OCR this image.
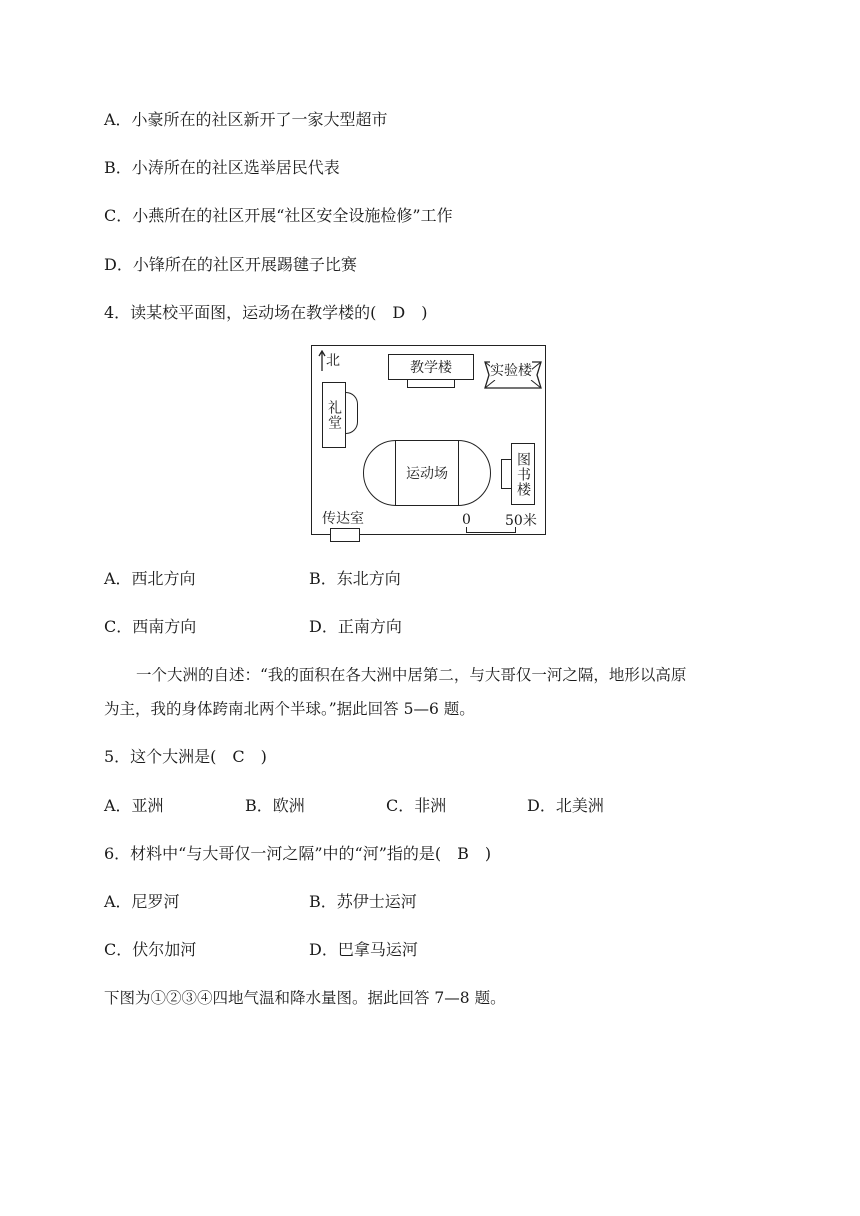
A．小豪所在的社区新开了一家大型超市
B．小涛所在的社区选举居民代表
C．小燕所在的社区开展“社区安全设施检修”工作
D．小锋所在的社区开展踢毽子比赛
4．读某校平面图，运动场在教学楼的(　D　)
北	教学楼	实验楼
礼堂
运动场	图书楼
传达室	0 50米
A．西北方向	B．东北方向
C．西南方向	D．正南方向
一个大洲的自述：“我的面积在各大洲中居第二，与大哥仅一河之隔，地形以高原
为主，我的身体跨南北两个半球。”据此回答 5—6 题。
5．这个大洲是(　C　)
A．亚洲	B．欧洲	C．非洲	D．北美洲
6．材料中“与大哥仅一河之隔”中的“河”指的是(　B　)
A．尼罗河	B．苏伊士运河
C．伏尔加河	D．巴拿马运河
下图为①②③④四地气温和降水量图。据此回答 7—8 题。
